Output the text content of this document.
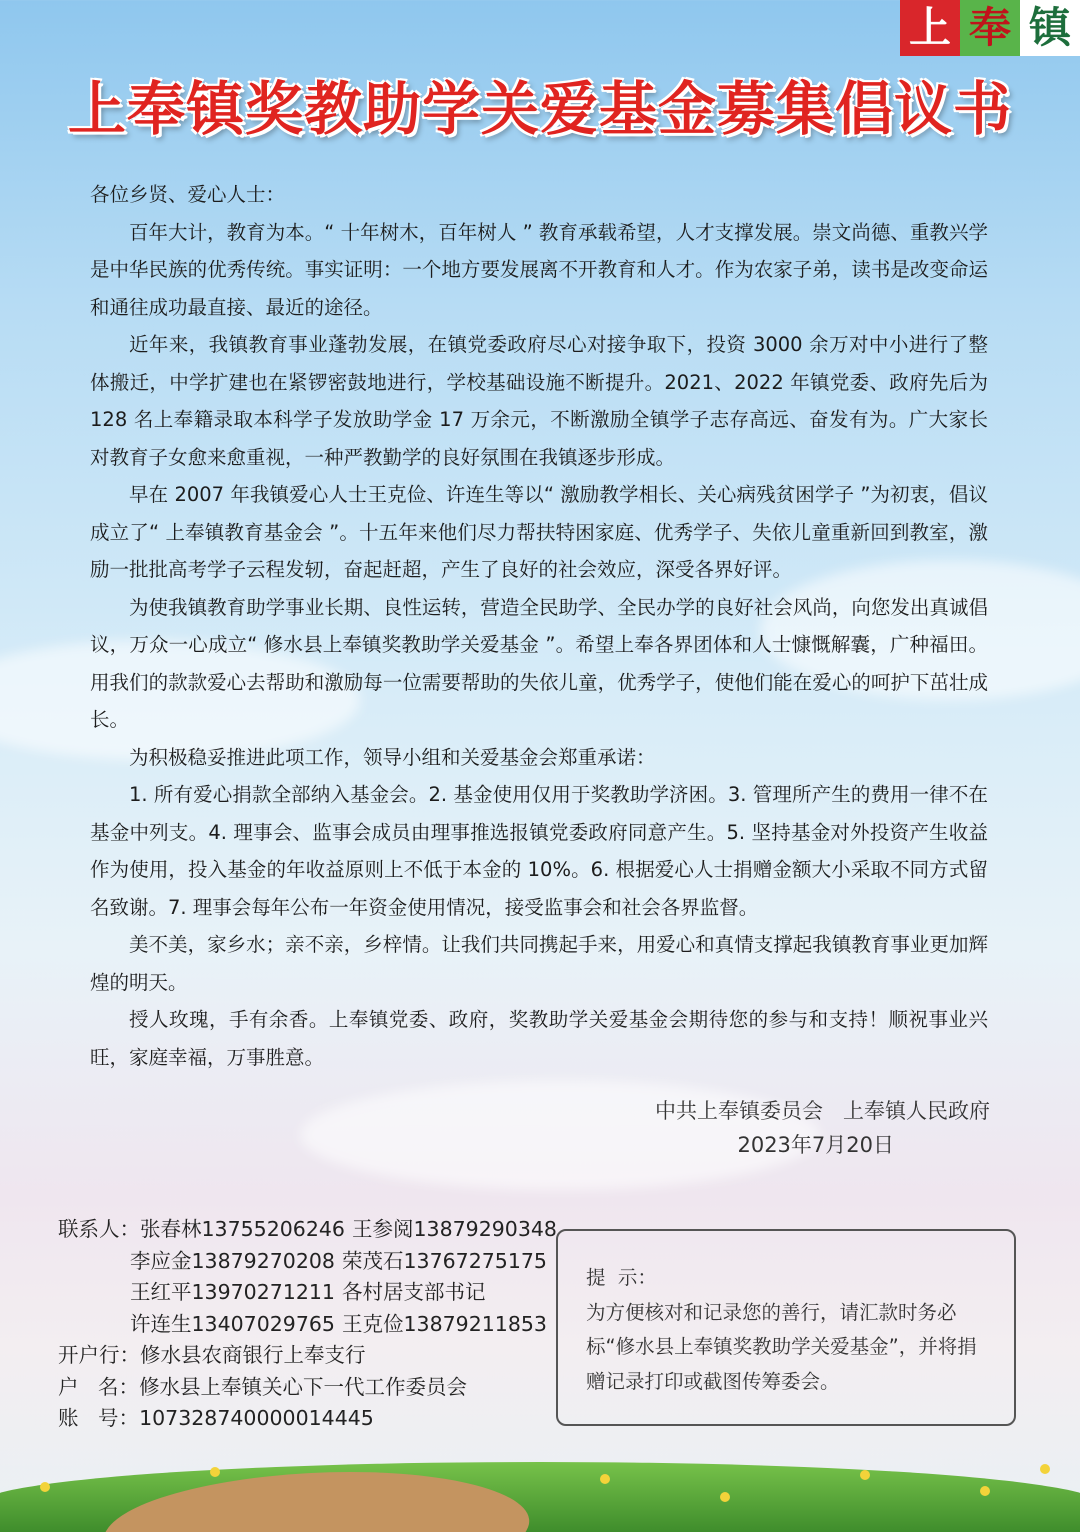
上 奉 镇
上奉镇奖教助学关爱基金募集倡议书

各位乡贤、爱心人士：

百年大计，教育为本。“ 十年树木，百年树人 ” 教育承载希望，人才支撑发展。崇文尚德、重教兴学是中华民族的优秀传统。事实证明：一个地方要发展离不开教育和人才。作为农家子弟，读书是改变命运和通往成功最直接、最近的途径。

近年来，我镇教育事业蓬勃发展，在镇党委政府尽心对接争取下，投资 3000 余万对中小进行了整体搬迁，中学扩建也在紧锣密鼓地进行，学校基础设施不断提升。2021、2022 年镇党委、政府先后为 128 名上奉籍录取本科学子发放助学金 17 万余元，不断激励全镇学子志存高远、奋发有为。广大家长对教育子女愈来愈重视，一种严教勤学的良好氛围在我镇逐步形成。

早在 2007 年我镇爱心人士王克俭、许连生等以“ 激励教学相长、关心病残贫困学子 ”为初衷，倡议成立了“ 上奉镇教育基金会 ”。十五年来他们尽力帮扶特困家庭、优秀学子、失依儿童重新回到教室，激励一批批高考学子云程发轫，奋起赶超，产生了良好的社会效应，深受各界好评。

为使我镇教育助学事业长期、良性运转，营造全民助学、全民办学的良好社会风尚，向您发出真诚倡议，万众一心成立“ 修水县上奉镇奖教助学关爱基金 ”。希望上奉各界团体和人士慷慨解囊，广种福田。用我们的款款爱心去帮助和激励每一位需要帮助的失依儿童，优秀学子，使他们能在爱心的呵护下茁壮成长。

为积极稳妥推进此项工作，领导小组和关爱基金会郑重承诺：

1. 所有爱心捐款全部纳入基金会。2. 基金使用仅用于奖教助学济困。3. 管理所产生的费用一律不在基金中列支。4. 理事会、监事会成员由理事推选报镇党委政府同意产生。5. 坚持基金对外投资产生收益作为使用，投入基金的年收益原则上不低于本金的 10%。6. 根据爱心人士捐赠金额大小采取不同方式留名致谢。7. 理事会每年公布一年资金使用情况，接受监事会和社会各界监督。

美不美，家乡水；亲不亲，乡梓情。让我们共同携起手来，用爱心和真情支撑起我镇教育事业更加辉煌的明天。

授人玫瑰，手有余香。上奉镇党委、政府，奖教助学关爱基金会期待您的参与和支持！顺祝事业兴旺，家庭幸福，万事胜意。

中共上奉镇委员会   上奉镇人民政府
2023年7月20日
联系人： 张春林13755206246 王参阅13879290348
李应金13879270208 荣茂石13767275175
王红平13970271211 各村居支部书记
许连生13407029765 王克俭13879211853
开户行： 修水县农商银行上奉支行
户   名： 修水县上奉镇关心下一代工作委员会
账   号： 107328740000014445
提  示：
为方便核对和记录您的善行，请汇款时务必标“修水县上奉镇奖教助学关爱基金”，并将捐赠记录打印或截图传筹委会。
